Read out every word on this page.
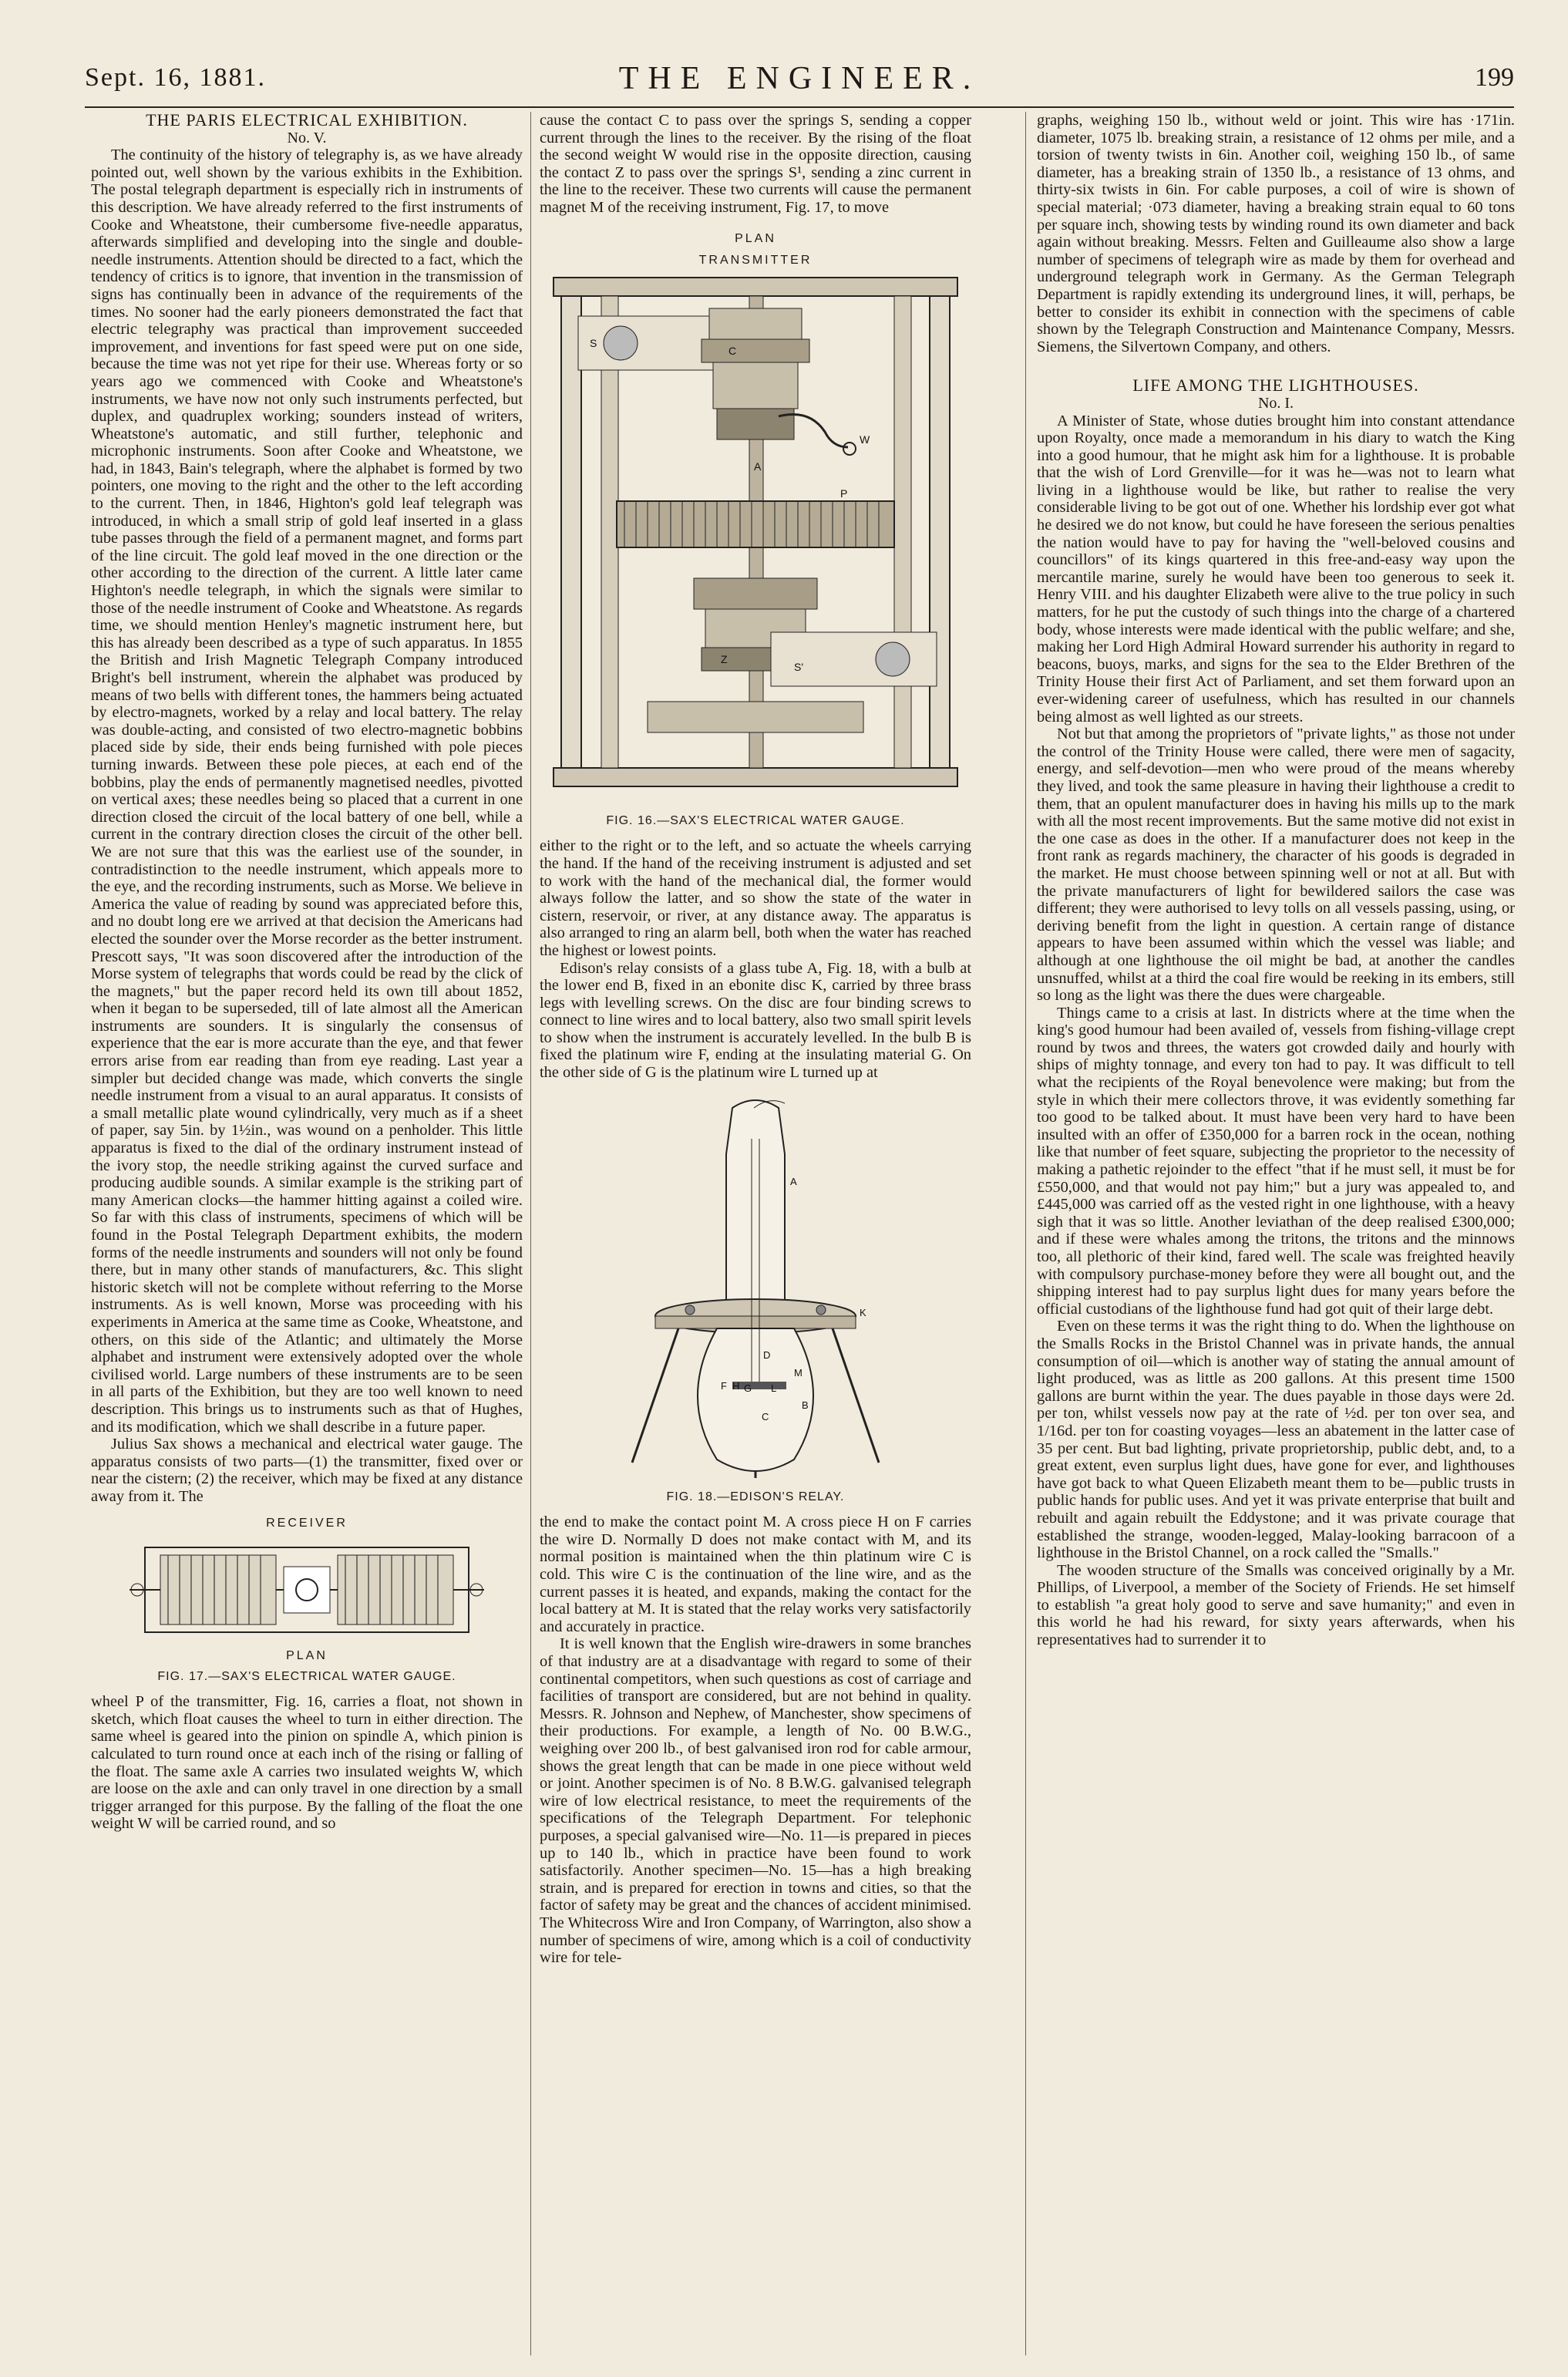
Sept. 16, 1881.	THE ENGINEER.	199

THE PARIS ELECTRICAL EXHIBITION.

No. V.

The continuity of the history of telegraphy is, as we have already pointed out, well shown by the various exhibits in the Exhibition. The postal telegraph department is especially rich in instruments of this description. We have already referred to the first instruments of Cooke and Wheatstone, their cumbersome five-needle apparatus, afterwards simplified and developing into the single and double-needle instruments. Attention should be directed to a fact, which the tendency of critics is to ignore, that invention in the transmission of signs has continually been in advance of the requirements of the times. No sooner had the early pioneers demonstrated the fact that electric telegraphy was practical than improvement succeeded improvement, and inventions for fast speed were put on one side, because the time was not yet ripe for their use. Whereas forty or so years ago we commenced with Cooke and Wheatstone's instruments, we have now not only such instruments perfected, but duplex, and quadruplex working; sounders instead of writers, Wheatstone's automatic, and still further, telephonic and microphonic instruments. Soon after Cooke and Wheatstone, we had, in 1843, Bain's telegraph, where the alphabet is formed by two pointers, one moving to the right and the other to the left according to the current. Then, in 1846, Highton's gold leaf telegraph was introduced, in which a small strip of gold leaf inserted in a glass tube passes through the field of a permanent magnet, and forms part of the line circuit. The gold leaf moved in the one direction or the other according to the direction of the current. A little later came Highton's needle telegraph, in which the signals were similar to those of the needle instrument of Cooke and Wheatstone. As regards time, we should mention Henley's magnetic instrument here, but this has already been described as a type of such apparatus. In 1855 the British and Irish Magnetic Telegraph Company introduced Bright's bell instrument, wherein the alphabet was produced by means of two bells with different tones, the hammers being actuated by electro-magnets, worked by a relay and local battery. The relay was double-acting, and consisted of two electro-magnetic bobbins placed side by side, their ends being furnished with pole pieces turning inwards. Between these pole pieces, at each end of the bobbins, play the ends of permanently magnetised needles, pivotted on vertical axes; these needles being so placed that a current in one direction closed the circuit of the local battery of one bell, while a current in the contrary direction closes the circuit of the other bell. We are not sure that this was the earliest use of the sounder, in contradistinction to the needle instrument, which appeals more to the eye, and the recording instruments, such as Morse. We believe in America the value of reading by sound was appreciated before this, and no doubt long ere we arrived at that decision the Americans had elected the sounder over the Morse recorder as the better instrument. Prescott says, "It was soon discovered after the introduction of the Morse system of telegraphs that words could be read by the click of the magnets," but the paper record held its own till about 1852, when it began to be superseded, till of late almost all the American instruments are sounders. It is singularly the consensus of experience that the ear is more accurate than the eye, and that fewer errors arise from ear reading than from eye reading. Last year a simpler but decided change was made, which converts the single needle instrument from a visual to an aural apparatus. It consists of a small metallic plate wound cylindrically, very much as if a sheet of paper, say 5in. by 1½in., was wound on a penholder. This little apparatus is fixed to the dial of the ordinary instrument instead of the ivory stop, the needle striking against the curved surface and producing audible sounds. A similar example is the striking part of many American clocks—the hammer hitting against a coiled wire. So far with this class of instruments, specimens of which will be found in the Postal Telegraph Department exhibits, the modern forms of the needle instruments and sounders will not only be found there, but in many other stands of manufacturers, &c. This slight historic sketch will not be complete without referring to the Morse instruments. As is well known, Morse was proceeding with his experiments in America at the same time as Cooke, Wheatstone, and others, on this side of the Atlantic; and ultimately the Morse alphabet and instrument were extensively adopted over the whole civilised world. Large numbers of these instruments are to be seen in all parts of the Exhibition, but they are too well known to need description. This brings us to instruments such as that of Hughes, and its modification, which we shall describe in a future paper.

Julius Sax shows a mechanical and electrical water gauge. The apparatus consists of two parts—(1) the transmitter, fixed over or near the cistern; (2) the receiver, which may be fixed at any distance away from it. The

RECEIVER
PLAN
FIG. 17.—SAX'S ELECTRICAL WATER GAUGE.

wheel P of the transmitter, Fig. 16, carries a float, not shown in sketch, which float causes the wheel to turn in either direction. The same wheel is geared into the pinion on spindle A, which pinion is calculated to turn round once at each inch of the rising or falling of the float. The same axle A carries two insulated weights W, which are loose on the axle and can only travel in one direction by a small trigger arranged for this purpose. By the falling of the float the one weight W will be carried round, and so

cause the contact C to pass over the springs S, sending a copper current through the lines to the receiver. By the rising of the float the second weight W would rise in the opposite direction, causing the contact Z to pass over the springs S¹, sending a zinc current in the line to the receiver. These two currents will cause the permanent magnet M of the receiving instrument, Fig. 17, to move

PLAN
TRANSMITTER
S
C
W
A
P
Z
S'
FIG. 16.—SAX'S ELECTRICAL WATER GAUGE.

either to the right or to the left, and so actuate the wheels carrying the hand. If the hand of the receiving instrument is adjusted and set to work with the hand of the mechanical dial, the former would always follow the latter, and so show the state of the water in cistern, reservoir, or river, at any distance away. The apparatus is also arranged to ring an alarm bell, both when the water has reached the highest or lowest points.

Edison's relay consists of a glass tube A, Fig. 18, with a bulb at the lower end B, fixed in an ebonite disc K, carried by three brass legs with levelling screws. On the disc are four binding screws to connect to line wires and to local battery, also two small spirit levels to show when the instrument is accurately levelled. In the bulb B is fixed the platinum wire F, ending at the insulating material G. On the other side of G is the platinum wire L turned up at

A
K
D
M
F H G L
B
C
FIG. 18.—EDISON'S RELAY.

the end to make the contact point M. A cross piece H on F carries the wire D. Normally D does not make contact with M, and its normal position is maintained when the thin platinum wire C is cold. This wire C is the continuation of the line wire, and as the current passes it is heated, and expands, making the contact for the local battery at M. It is stated that the relay works very satisfactorily and accurately in practice.

It is well known that the English wire-drawers in some branches of that industry are at a disadvantage with regard to some of their continental competitors, when such questions as cost of carriage and facilities of transport are considered, but are not behind in quality. Messrs. R. Johnson and Nephew, of Manchester, show specimens of their productions. For example, a length of No. 00 B.W.G., weighing over 200 lb., of best galvanised iron rod for cable armour, shows the great length that can be made in one piece without weld or joint. Another specimen is of No. 8 B.W.G. galvanised telegraph wire of low electrical resistance, to meet the requirements of the specifications of the Telegraph Department. For telephonic purposes, a special galvanised wire—No. 11—is prepared in pieces up to 140 lb., which in practice have been found to work satisfactorily. Another specimen—No. 15—has a high breaking strain, and is prepared for erection in towns and cities, so that the factor of safety may be great and the chances of accident minimised. The Whitecross Wire and Iron Company, of Warrington, also show a number of specimens of wire, among which is a coil of conductivity wire for tele-

graphs, weighing 150 lb., without weld or joint. This wire has ·171in. diameter, 1075 lb. breaking strain, a resistance of 12 ohms per mile, and a torsion of twenty twists in 6in. Another coil, weighing 150 lb., of same diameter, has a breaking strain of 1350 lb., a resistance of 13 ohms, and thirty-six twists in 6in. For cable purposes, a coil of wire is shown of special material; ·073 diameter, having a breaking strain equal to 60 tons per square inch, showing tests by winding round its own diameter and back again without breaking. Messrs. Felten and Guilleaume also show a large number of specimens of telegraph wire as made by them for overhead and underground telegraph work in Germany. As the German Telegraph Department is rapidly extending its underground lines, it will, perhaps, be better to consider its exhibit in connection with the specimens of cable shown by the Telegraph Construction and Maintenance Company, Messrs. Siemens, the Silvertown Company, and others.

LIFE AMONG THE LIGHTHOUSES.

No. I.

A Minister of State, whose duties brought him into constant attendance upon Royalty, once made a memorandum in his diary to watch the King into a good humour, that he might ask him for a lighthouse. It is probable that the wish of Lord Grenville—for it was he—was not to learn what living in a lighthouse would be like, but rather to realise the very considerable living to be got out of one. Whether his lordship ever got what he desired we do not know, but could he have foreseen the serious penalties the nation would have to pay for having the "well-beloved cousins and councillors" of its kings quartered in this free-and-easy way upon the mercantile marine, surely he would have been too generous to seek it. Henry VIII. and his daughter Elizabeth were alive to the true policy in such matters, for he put the custody of such things into the charge of a chartered body, whose interests were made identical with the public welfare; and she, making her Lord High Admiral Howard surrender his authority in regard to beacons, buoys, marks, and signs for the sea to the Elder Brethren of the Trinity House their first Act of Parliament, and set them forward upon an ever-widening career of usefulness, which has resulted in our channels being almost as well lighted as our streets.

Not but that among the proprietors of "private lights," as those not under the control of the Trinity House were called, there were men of sagacity, energy, and self-devotion—men who were proud of the means whereby they lived, and took the same pleasure in having their lighthouse a credit to them, that an opulent manufacturer does in having his mills up to the mark with all the most recent improvements. But the same motive did not exist in the one case as does in the other. If a manufacturer does not keep in the front rank as regards machinery, the character of his goods is degraded in the market. He must choose between spinning well or not at all. But with the private manufacturers of light for bewildered sailors the case was different; they were authorised to levy tolls on all vessels passing, using, or deriving benefit from the light in question. A certain range of distance appears to have been assumed within which the vessel was liable; and although at one lighthouse the oil might be bad, at another the candles unsnuffed, whilst at a third the coal fire would be reeking in its embers, still so long as the light was there the dues were chargeable.

Things came to a crisis at last. In districts where at the time when the king's good humour had been availed of, vessels from fishing-village crept round by twos and threes, the waters got crowded daily and hourly with ships of mighty tonnage, and every ton had to pay. It was difficult to tell what the recipients of the Royal benevolence were making; but from the style in which their mere collectors throve, it was evidently something far too good to be talked about. It must have been very hard to have been insulted with an offer of £350,000 for a barren rock in the ocean, nothing like that number of feet square, subjecting the proprietor to the necessity of making a pathetic rejoinder to the effect "that if he must sell, it must be for £550,000, and that would not pay him;" but a jury was appealed to, and £445,000 was carried off as the vested right in one lighthouse, with a heavy sigh that it was so little. Another leviathan of the deep realised £300,000; and if these were whales among the tritons, the tritons and the minnows too, all plethoric of their kind, fared well. The scale was freighted heavily with compulsory purchase-money before they were all bought out, and the shipping interest had to pay surplus light dues for many years before the official custodians of the lighthouse fund had got quit of their large debt.

Even on these terms it was the right thing to do. When the lighthouse on the Smalls Rocks in the Bristol Channel was in private hands, the annual consumption of oil—which is another way of stating the annual amount of light produced, was as little as 200 gallons. At this present time 1500 gallons are burnt within the year. The dues payable in those days were 2d. per ton, whilst vessels now pay at the rate of ½d. per ton over sea, and 1/16d. per ton for coasting voyages—less an abatement in the latter case of 35 per cent. But bad lighting, private proprietorship, public debt, and, to a great extent, even surplus light dues, have gone for ever, and lighthouses have got back to what Queen Elizabeth meant them to be—public trusts in public hands for public uses. And yet it was private enterprise that built and rebuilt and again rebuilt the Eddystone; and it was private courage that established the strange, wooden-legged, Malay-looking barracoon of a lighthouse in the Bristol Channel, on a rock called the "Smalls."

The wooden structure of the Smalls was conceived originally by a Mr. Phillips, of Liverpool, a member of the Society of Friends. He set himself to establish "a great holy good to serve and save humanity;" and even in this world he had his reward, for sixty years afterwards, when his representatives had to surrender it to
